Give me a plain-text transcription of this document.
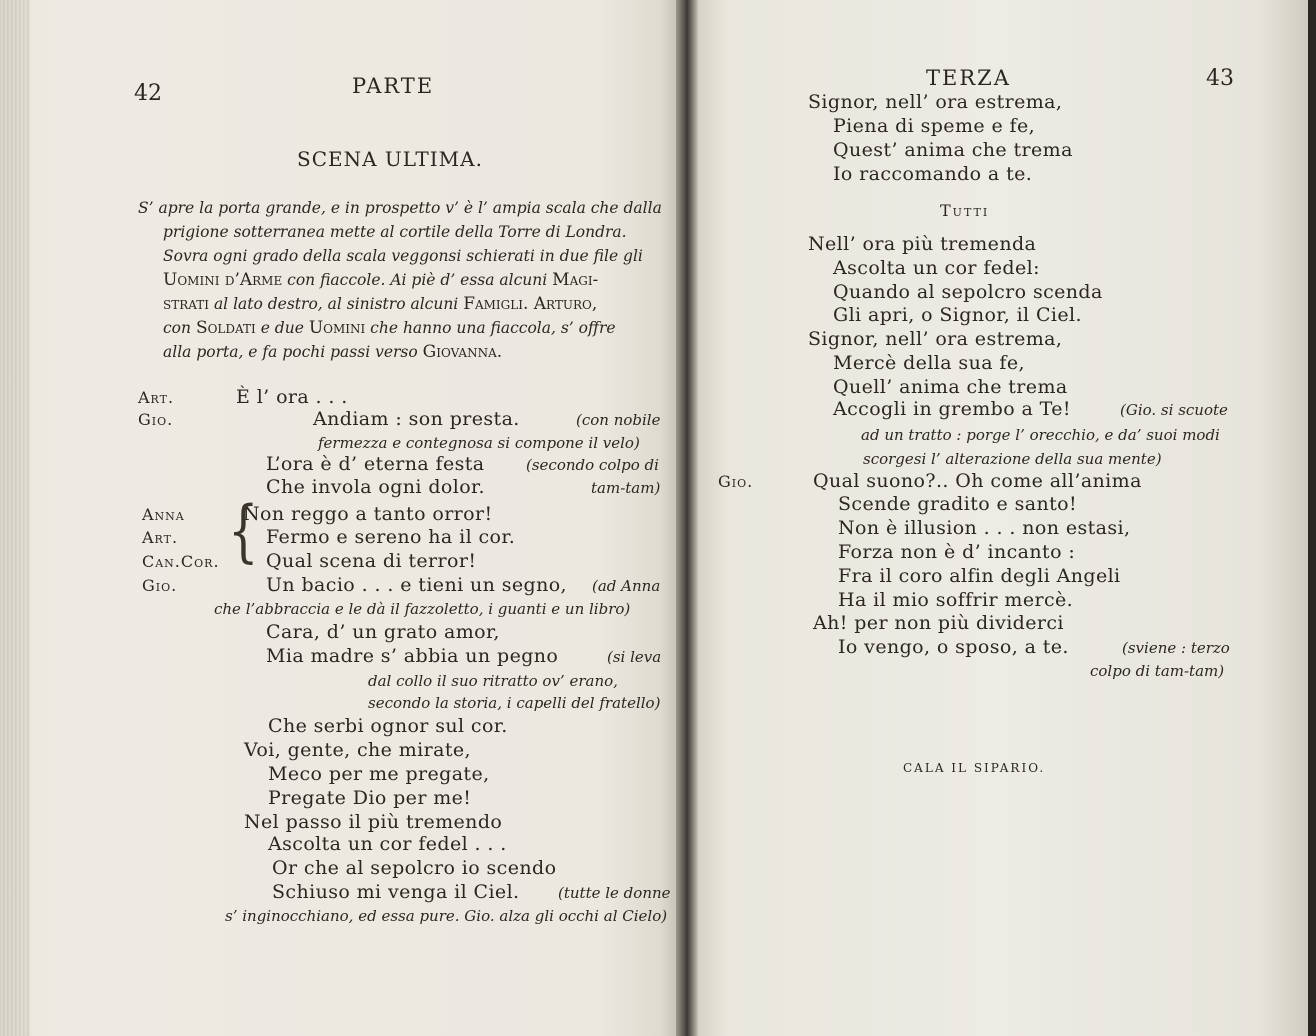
42	PARTE
SCENA ULTIMA.
S’ apre la porta grande, e in prospetto v’ è l’ ampia scala che dalla
prigione sotterranea mette al cortile della Torre di Londra.
Sovra ogni grado della scala veggonsi schierati in due file gli
Uomini d’Arme con fiaccole. Ai piè d’ essa alcuni Magi-
strati al lato destro, al sinistro alcuni Famigli. Arturo,
con Soldati e due Uomini che hanno una fiaccola, s’ offre
alla porta, e fa pochi passi verso Giovanna.
Art.	È l’ ora . . .
Gio.	Andiam : son presta.	(con nobile
fermezza e contegnosa si compone il velo)
L’ora è d’ eterna festa	(secondo colpo di
Che invola ogni dolor.	tam-tam)
Anna	Non reggo a tanto orror!
Art.	Fermo e sereno ha il cor.
Can.Cor. Qual scena di terror!
Gio.	Un bacio . . . e tieni un segno, (ad Anna
che l’abbraccia e le dà il fazzoletto, i guanti e un libro)
Cara, d’ un grato amor,
Mia madre s’ abbia un pegno	(si leva
dal collo il suo ritratto ov’ erano,
secondo la storia, i capelli del fratello)
Che serbi ognor sul cor.
Voi, gente, che mirate,
Meco per me pregate,
Pregate Dio per me!
Nel passo il più tremendo
Ascolta un cor fedel . . .
Or che al sepolcro io scendo
Schiuso mi venga il Ciel.	(tutte le donne
s’ inginocchiano, ed essa pure. Gio. alza gli occhi al Cielo)
{
TERZA	43
Signor, nell’ ora estrema,
Piena di speme e fe,
Quest’ anima che trema
Io raccomando a te.
Tutti
Nell’ ora più tremenda
Ascolta un cor fedel:
Quando al sepolcro scenda
Gli apri, o Signor, il Ciel.
Signor, nell’ ora estrema,
Mercè della sua fe,
Quell’ anima che trema
Accogli in grembo a Te!	(Gio. si scuote
ad un tratto : porge l’ orecchio, e da’ suoi modi
scorgesi l’ alterazione della sua mente)
Gio.	Qual suono?.. Oh come all’anima
Scende gradito e santo!
Non è illusion . . . non estasi,
Forza non è d’ incanto :
Fra il coro alfin degli Angeli
Ha il mio soffrir mercè.
Ah! per non più dividerci
Io vengo, o sposo, a te.	(sviene : terzo
colpo di tam-tam)
CALA IL SIPARIO.
